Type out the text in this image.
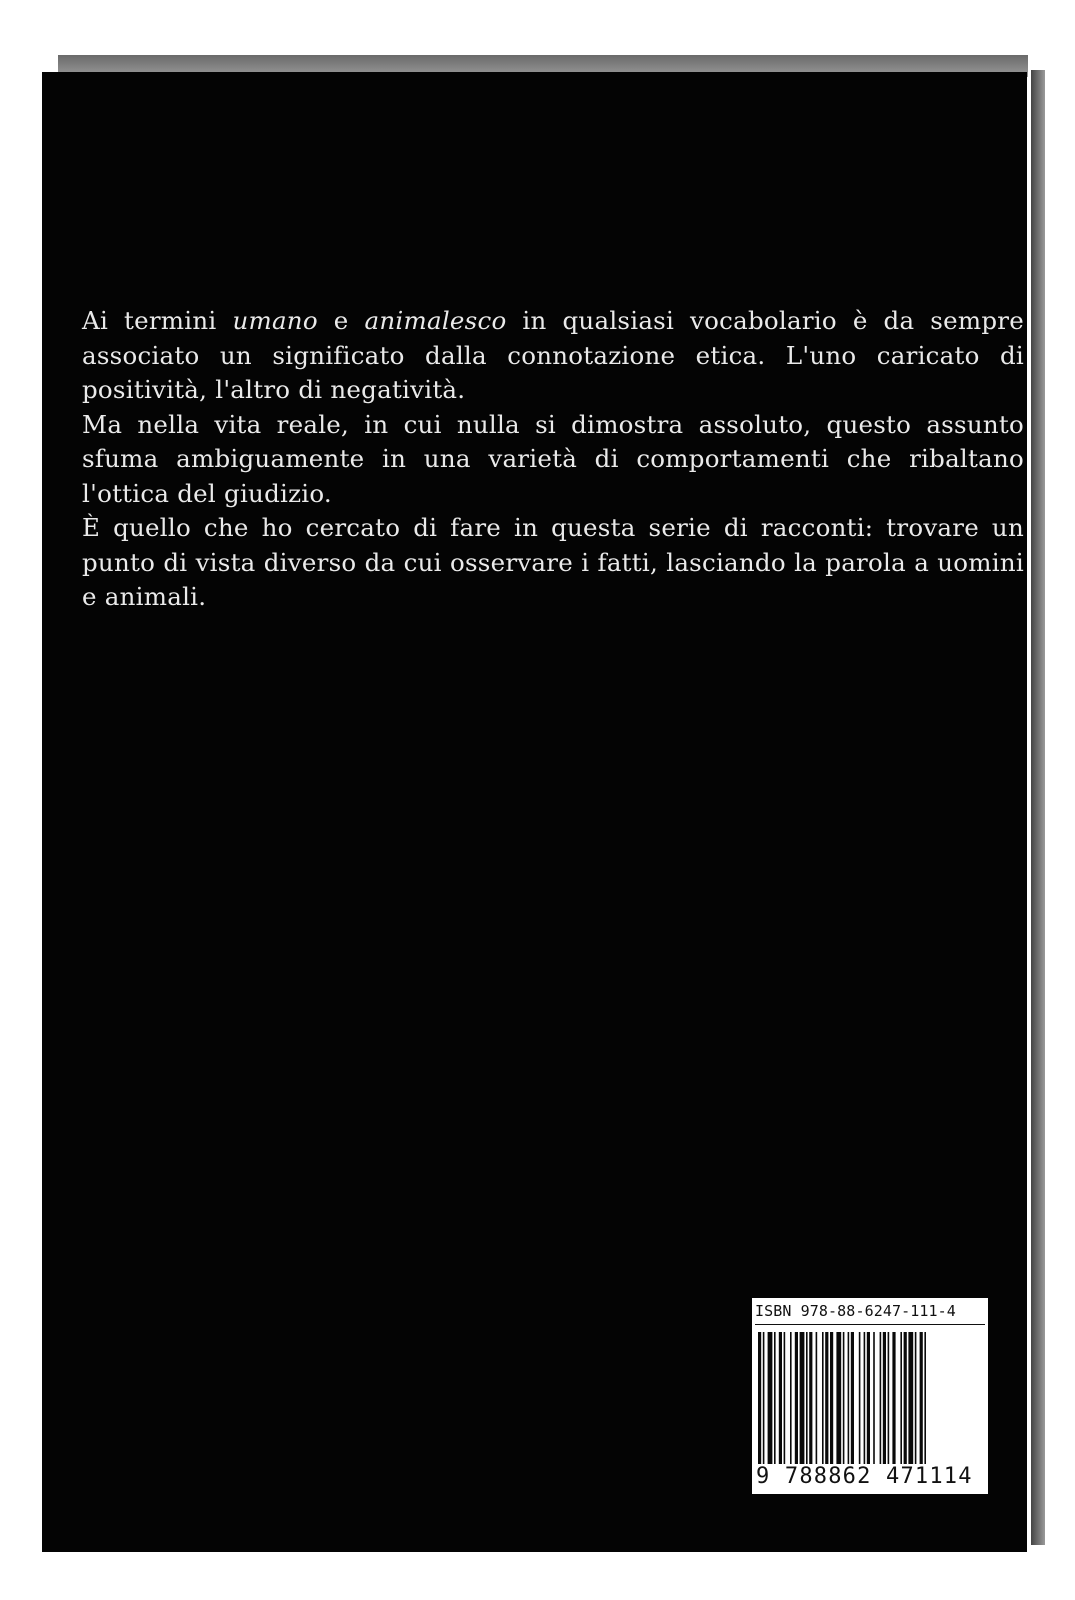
Ai termini umano e animalesco in qualsiasi vocabolario è da sempre associato un significato dalla connotazione etica. L'uno caricato di positività, l'altro di negatività.

Ma nella vita reale, in cui nulla si dimostra assoluto, questo assunto sfuma ambiguamente in una varietà di comportamenti che ribaltano l'ottica del giudizio.

È quello che ho cercato di fare in questa serie di racconti: trovare un punto di vista diverso da cui osservare i fatti, lasciando la parola a uomini e animali.

ISBN 978-88-6247-111-4
9 788862 471114
